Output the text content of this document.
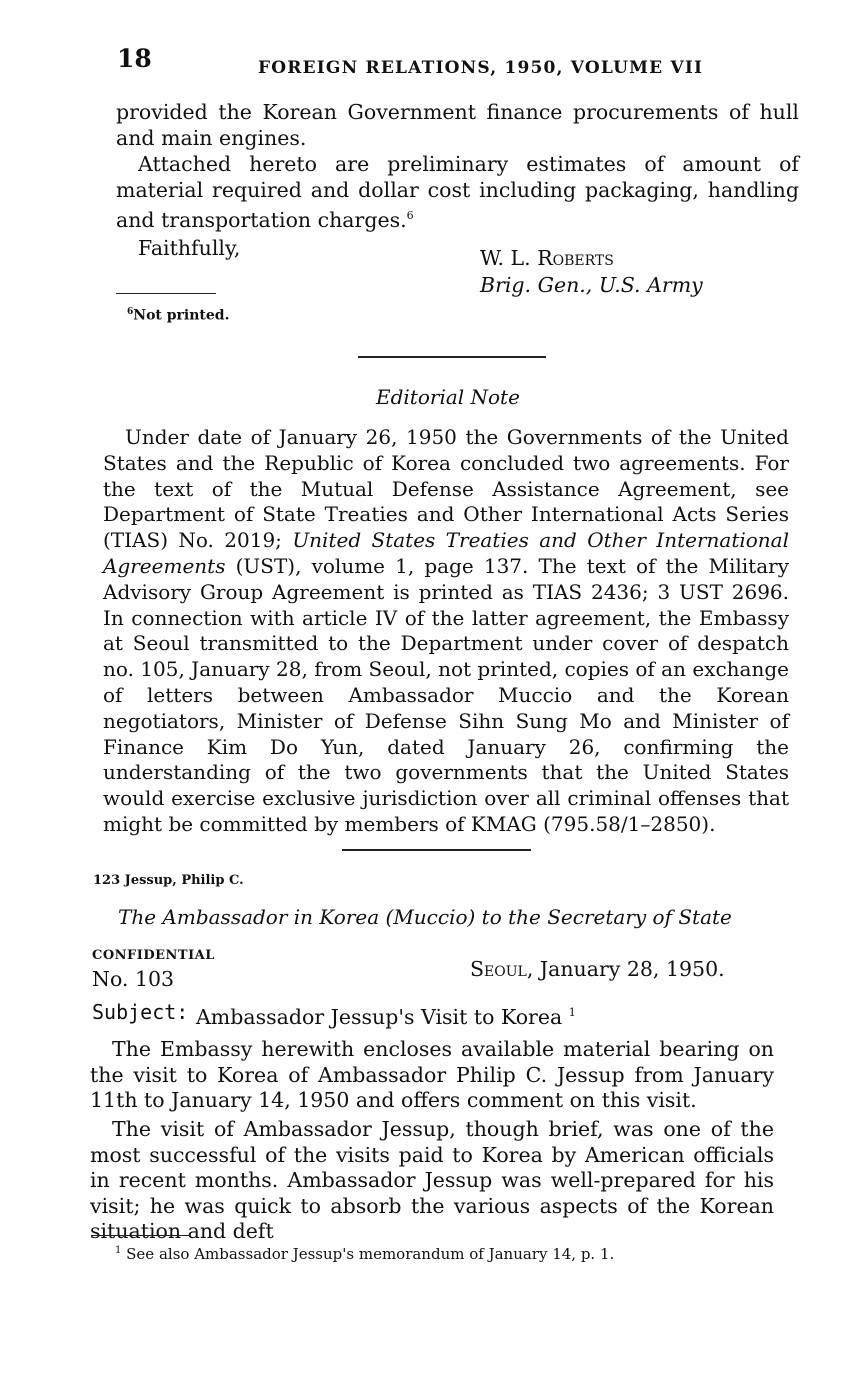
18	FOREIGN RELATIONS, 1950, VOLUME VII
provided the Korean Government finance procurements of hull and main engines.
Attached hereto are preliminary estimates of amount of material required and dollar cost including packaging, handling and transportation charges.$^6$
Faithfully,	W. L. Roberts
Brig. Gen., U.S. Army
$^6$Not printed.
Editorial Note
Under date of January 26, 1950 the Governments of the United States and the Republic of Korea concluded two agreements. For the text of the Mutual Defense Assistance Agreement, see Department of State Treaties and Other International Acts Series (TIAS) No. 2019; United States Treaties and Other International Agreements (UST), volume 1, page 137. The text of the Military Advisory Group Agreement is printed as TIAS 2436; 3 UST 2696. In connection with article IV of the latter agreement, the Embassy at Seoul transmitted to the Department under cover of despatch no. 105, January 28, from Seoul, not printed, copies of an exchange of letters between Ambassador Muccio and the Korean negotiators, Minister of Defense Sihn Sung Mo and Minister of Finance Kim Do Yun, dated January 26, confirming the understanding of the two governments that the United States would exercise exclusive jurisdiction over all criminal offenses that might be committed by members of KMAG (795.58/1–2850).
123 Jessup, Philip C.
The Ambassador in Korea (Muccio) to the Secretary of State
CONFIDENTIAL
No. 103	Seoul, January 28, 1950.
Subject: Ambassador Jessup's Visit to Korea $^1$
The Embassy herewith encloses available material bearing on the visit to Korea of Ambassador Philip C. Jessup from January 11th to January 14, 1950 and offers comment on this visit.
The visit of Ambassador Jessup, though brief, was one of the most successful of the visits paid to Korea by American officials in recent months. Ambassador Jessup was well-prepared for his visit; he was quick to absorb the various aspects of the Korean situation and deft
$^1$ See also Ambassador Jessup's memorandum of January 14, p. 1.
